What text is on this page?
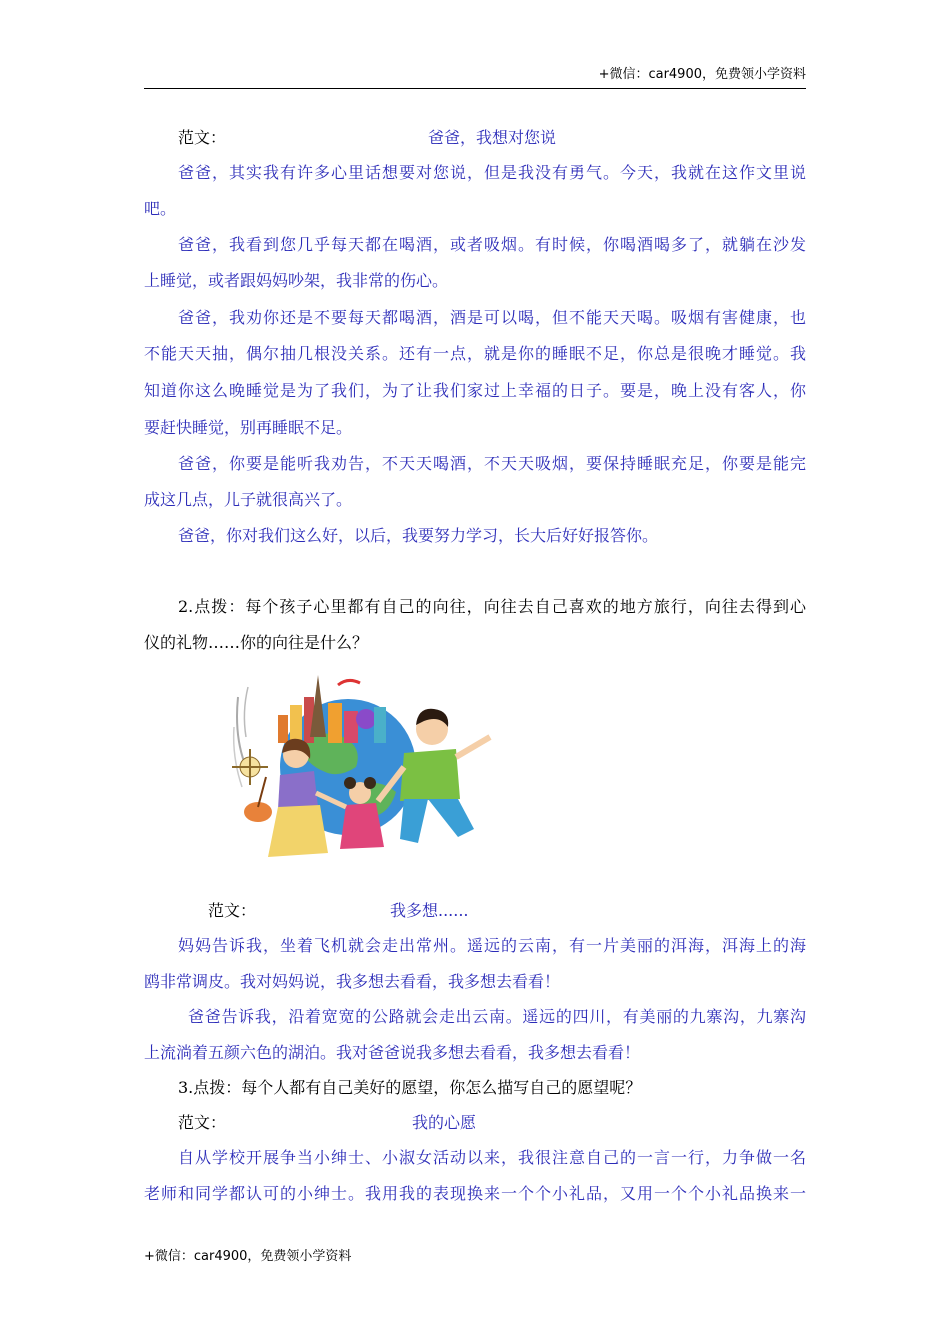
+微信：car4900，免费领小学资料
范文：	爸爸，我想对您说
爸爸，其实我有许多心里话想要对您说，但是我没有勇气。今天，我就在这作文里说
吧。
爸爸，我看到您几乎每天都在喝酒，或者吸烟。有时候，你喝酒喝多了，就躺在沙发
上睡觉，或者跟妈妈吵架，我非常的伤心。
爸爸，我劝你还是不要每天都喝酒，酒是可以喝，但不能天天喝。吸烟有害健康，也
不能天天抽，偶尔抽几根没关系。还有一点，就是你的睡眠不足，你总是很晚才睡觉。我
知道你这么晚睡觉是为了我们，为了让我们家过上幸福的日子。要是，晚上没有客人，你
要赶快睡觉，别再睡眠不足。
爸爸，你要是能听我劝告，不天天喝酒，不天天吸烟，要保持睡眠充足，你要是能完
成这几点，儿子就很高兴了。
爸爸，你对我们这么好，以后，我要努力学习，长大后好好报答你。
2.点拨：每个孩子心里都有自己的向往，向往去自己喜欢的地方旅行，向往去得到心
仪的礼物……你的向往是什么？
范文：	我多想......
妈妈告诉我，坐着飞机就会走出常州。遥远的云南，有一片美丽的洱海，洱海上的海
鸥非常调皮。我对妈妈说，我多想去看看，我多想去看看！
爸爸告诉我，沿着宽宽的公路就会走出云南。遥远的四川，有美丽的九寨沟，九寨沟
上流淌着五颜六色的湖泊。我对爸爸说我多想去看看，我多想去看看！
3.点拨：每个人都有自己美好的愿望，你怎么描写自己的愿望呢？
范文：	我的心愿
自从学校开展争当小绅士、小淑女活动以来，我很注意自己的一言一行，力争做一名
老师和同学都认可的小绅士。我用我的表现换来一个个小礼品，又用一个个小礼品换来一
+微信：car4900，免费领小学资料
